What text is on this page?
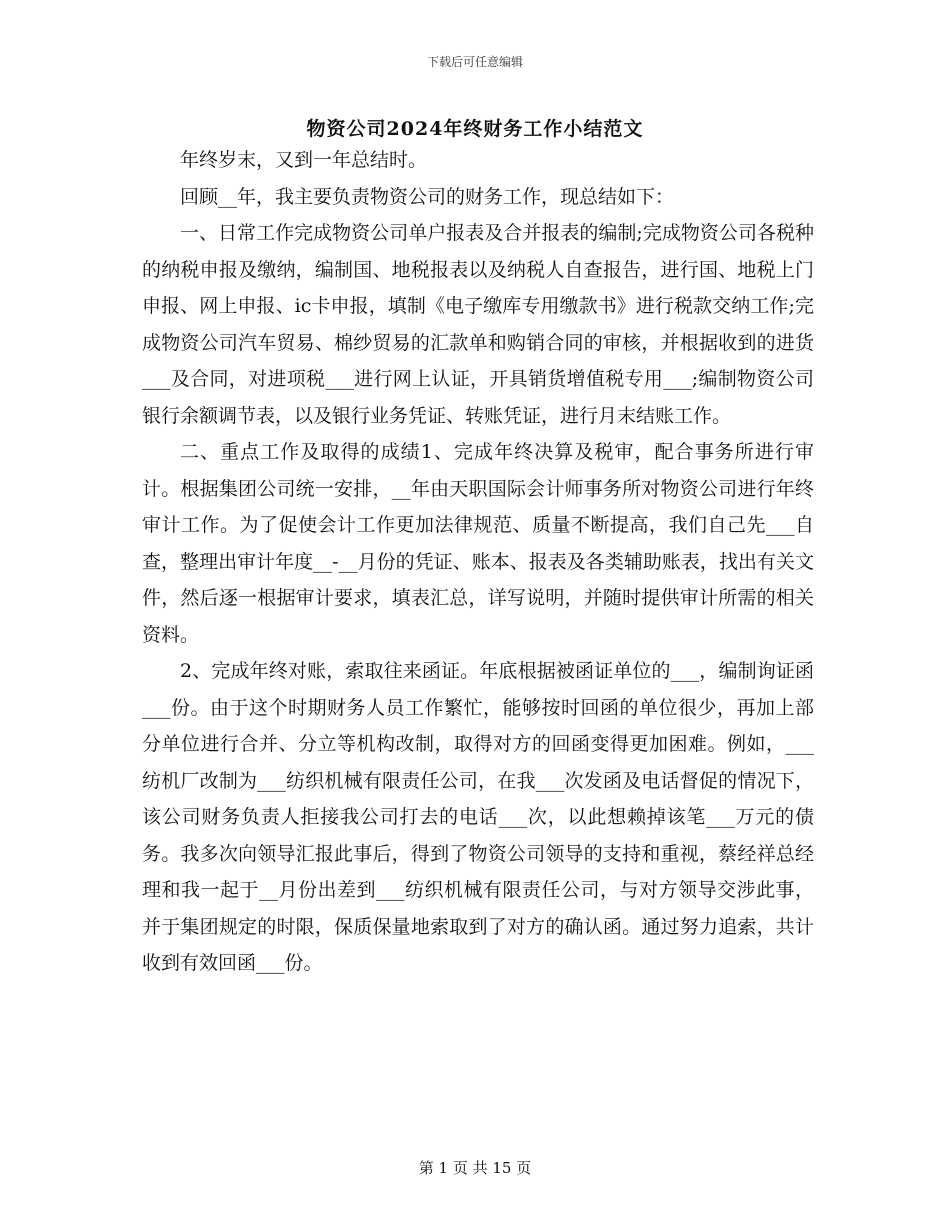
下载后可任意编辑
物资公司2024年终财务工作小结范文

年终岁末，又到一年总结时。

回顾__年，我主要负责物资公司的财务工作，现总结如下：

一、日常工作完成物资公司单户报表及合并报表的编制;完成物资公司各税种的纳税申报及缴纳，编制国、地税报表以及纳税人自查报告，进行国、地税上门申报、网上申报、ic卡申报，填制《电子缴库专用缴款书》进行税款交纳工作;完成物资公司汽车贸易、棉纱贸易的汇款单和购销合同的审核，并根据收到的进货___及合同，对进项税___进行网上认证，开具销货增值税专用___;编制物资公司银行余额调节表，以及银行业务凭证、转账凭证，进行月末结账工作。

二、重点工作及取得的成绩1、完成年终决算及税审，配合事务所进行审计。根据集团公司统一安排，__年由天职国际会计师事务所对物资公司进行年终审计工作。为了促使会计工作更加法律规范、质量不断提高，我们自己先___自查，整理出审计年度__-__月份的凭证、账本、报表及各类辅助账表，找出有关文件，然后逐一根据审计要求，填表汇总，详写说明，并随时提供审计所需的相关资料。

2、完成年终对账，索取往来函证。年底根据被函证单位的___，编制询证函___份。由于这个时期财务人员工作繁忙，能够按时回函的单位很少，再加上部分单位进行合并、分立等机构改制，取得对方的回函变得更加困难。例如，___纺机厂改制为___纺织机械有限责任公司，在我___次发函及电话督促的情况下，该公司财务负责人拒接我公司打去的电话___次，以此想赖掉该笔___万元的债务。我多次向领导汇报此事后，得到了物资公司领导的支持和重视，蔡经祥总经理和我一起于__月份出差到___纺织机械有限责任公司，与对方领导交涉此事，并于集团规定的时限，保质保量地索取到了对方的确认函。通过努力追索，共计收到有效回函___份。

第 1 页 共 15 页
